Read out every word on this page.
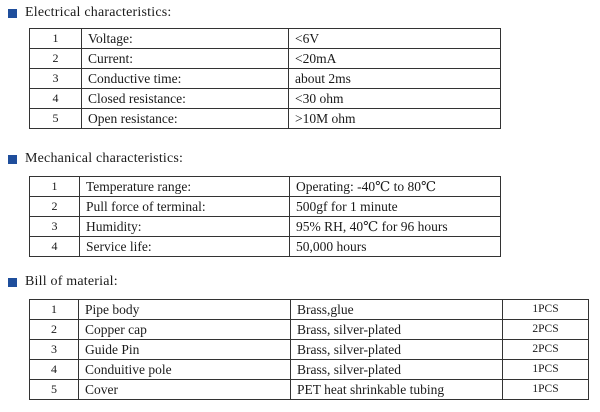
Electrical characteristics:
1	Voltage:	<6V
2	Current:	<20mA
3	Conductive time:	about 2ms
4	Closed resistance:	<30 ohm
5	Open resistance:	>10M ohm
Mechanical characteristics:
1	Temperature range:	Operating: -40℃ to 80℃
2	Pull force of terminal:	500gf for 1 minute
3	Humidity:	95% RH, 40℃ for 96 hours
4	Service life:	50,000 hours
Bill of material:
1	Pipe body	Brass,glue	1PCS
2	Copper cap	Brass, silver-plated	2PCS
3	Guide Pin	Brass, silver-plated	2PCS
4	Conduitive pole	Brass, silver-plated	1PCS
5	Cover	PET heat shrinkable tubing	1PCS
